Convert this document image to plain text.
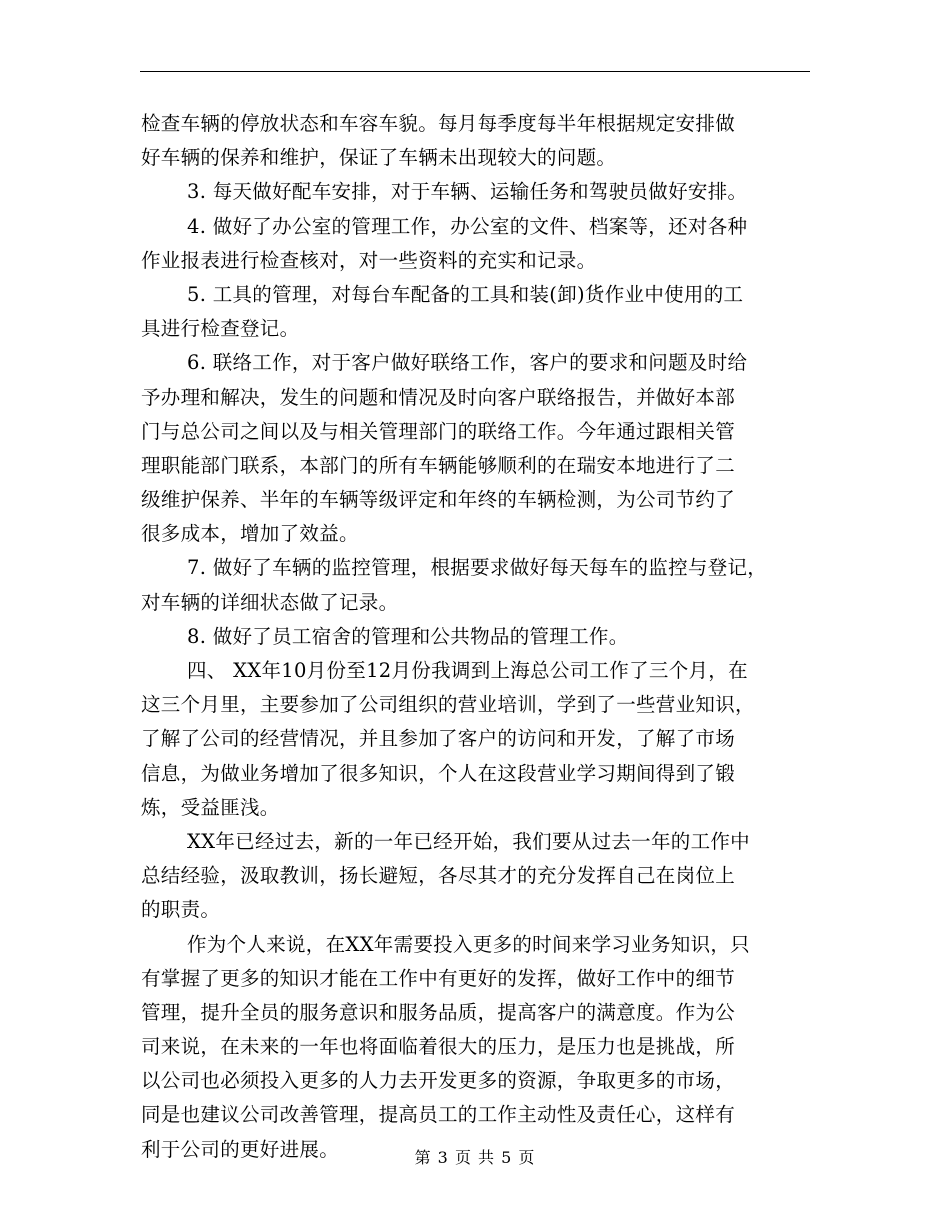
检查车辆的停放状态和车容车貌。每月每季度每半年根据规定安排做
好车辆的保养和维护，保证了车辆未出现较大的问题。
3. 每天做好配车安排，对于车辆、运输任务和驾驶员做好安排。
4. 做好了办公室的管理工作，办公室的文件、档案等，还对各种
作业报表进行检查核对，对一些资料的充实和记录。
5. 工具的管理，对每台车配备的工具和装(卸)货作业中使用的工
具进行检查登记。
6. 联络工作，对于客户做好联络工作，客户的要求和问题及时给
予办理和解决，发生的问题和情况及时向客户联络报告，并做好本部
门与总公司之间以及与相关管理部门的联络工作。今年通过跟相关管
理职能部门联系，本部门的所有车辆能够顺利的在瑞安本地进行了二
级维护保养、半年的车辆等级评定和年终的车辆检测，为公司节约了
很多成本，增加了效益。
7. 做好了车辆的监控管理，根据要求做好每天每车的监控与登记，
对车辆的详细状态做了记录。
8. 做好了员工宿舍的管理和公共物品的管理工作。
四、 XX年10月份至12月份我调到上海总公司工作了三个月，在
这三个月里，主要参加了公司组织的营业培训，学到了一些营业知识，
了解了公司的经营情况，并且参加了客户的访问和开发，了解了市场
信息，为做业务增加了很多知识，个人在这段营业学习期间得到了锻
炼，受益匪浅。
XX年已经过去，新的一年已经开始，我们要从过去一年的工作中
总结经验，汲取教训，扬长避短，各尽其才的充分发挥自己在岗位上
的职责。
作为个人来说，在XX年需要投入更多的时间来学习业务知识，只
有掌握了更多的知识才能在工作中有更好的发挥，做好工作中的细节
管理，提升全员的服务意识和服务品质，提高客户的满意度。作为公
司来说，在未来的一年也将面临着很大的压力，是压力也是挑战，所
以公司也必须投入更多的人力去开发更多的资源，争取更多的市场，
同是也建议公司改善管理，提高员工的工作主动性及责任心，这样有
利于公司的更好进展。	第 3 页 共 5 页
